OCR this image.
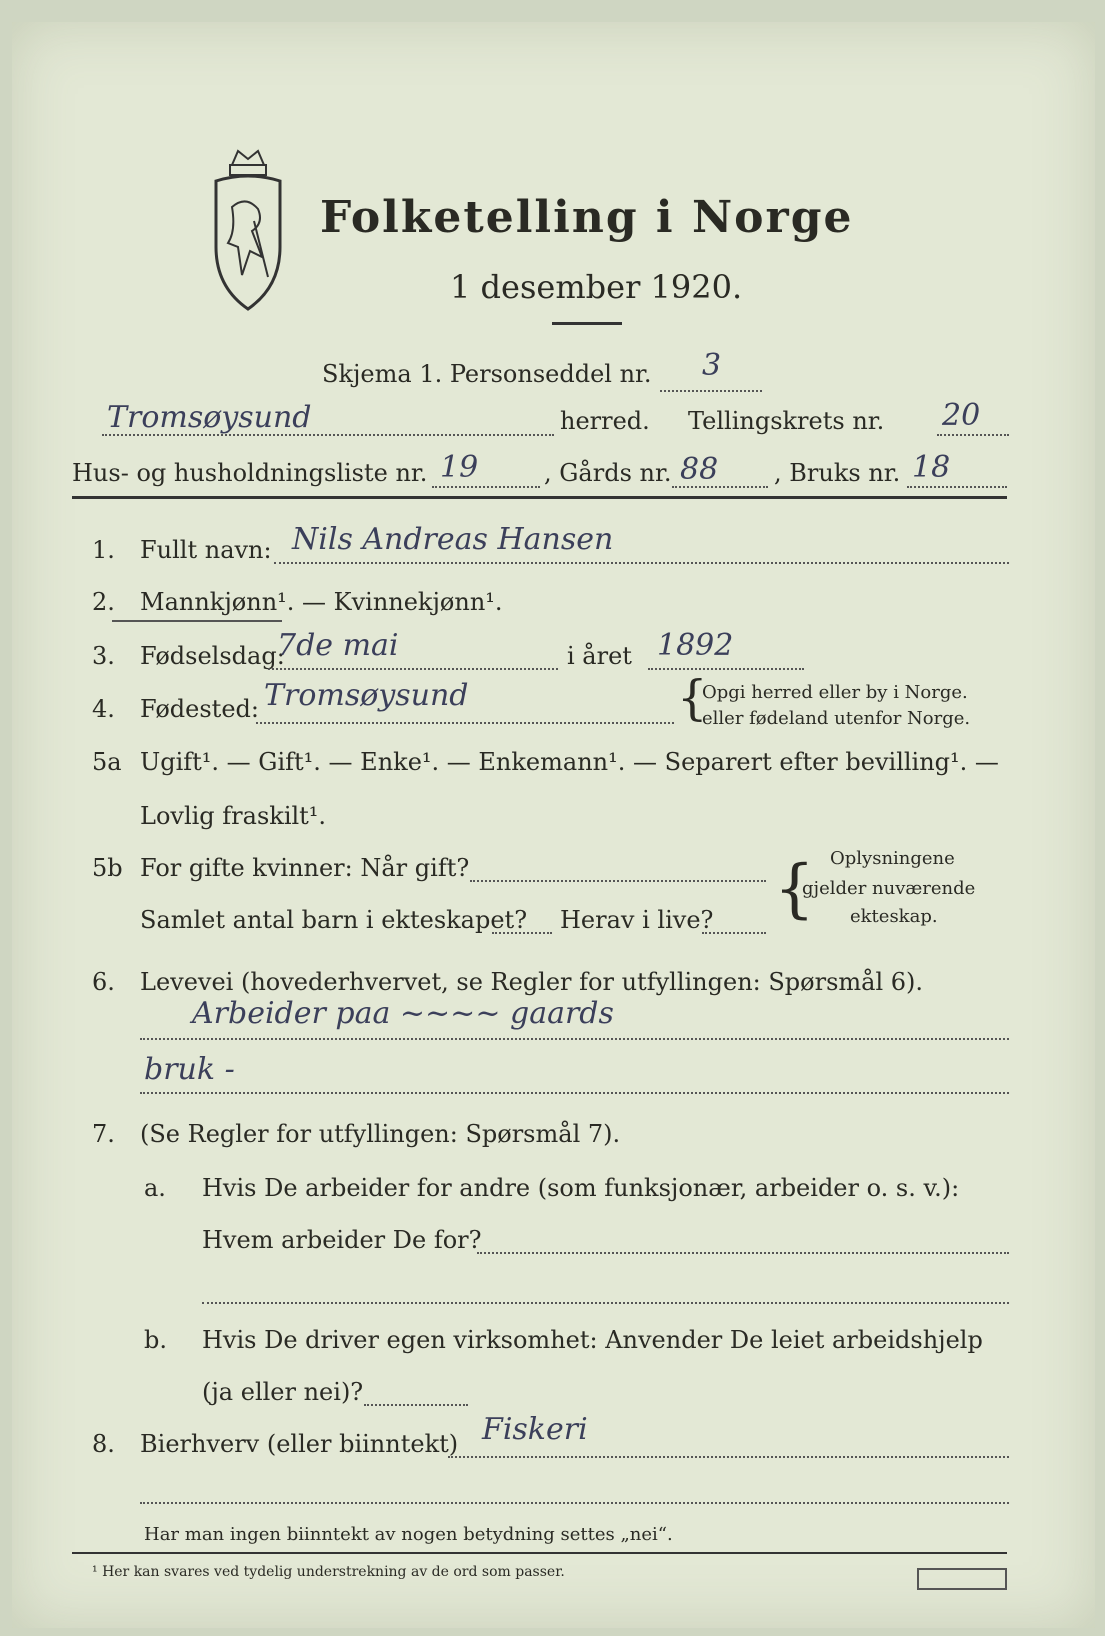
Folketelling i Norge
1 desember 1920.
Skjema 1. Personseddel nr. 3
Tromsøysund	herred. Tellingskrets nr. 20
Hus- og husholdningsliste nr. 19	, Gårds nr. 88 , Bruks nr. 18
1. Fullt navn: Nils Andreas Hansen
2. Mannkjønn¹. — Kvinnekjønn¹.
3. Fødselsdag:
7de mai	i året 1892
4. Fødested: Tromsøysund	{
Opgi herred eller by i Norge.
eller fødeland utenfor Norge.
5a Ugift¹. — Gift¹. — Enke¹. — Enkemann¹. — Separert efter bevilling¹. —
Lovlig fraskilt¹.
5b For gifte kvinner: Når gift?
Samlet antal barn i ekteskapet? Herav i live? { Oplysningene
gjelder nuværende
ekteskap.
6. Levevei (hovederhvervet, se Regler for utfyllingen: Spørsmål 6).
Arbeider paa ~~~~ gaards
bruk -
7. (Se Regler for utfyllingen: Spørsmål 7).
a. Hvis De arbeider for andre (som funksjonær, arbeider o. s. v.):
Hvem arbeider De for?
b. Hvis De driver egen virksomhet: Anvender De leiet arbeidshjelp
(ja eller nei)?
8. Bierhverv (eller biinntekt) Fiskeri
Har man ingen biinntekt av nogen betydning settes „nei“.
¹ Her kan svares ved tydelig understrekning av de ord som passer.
